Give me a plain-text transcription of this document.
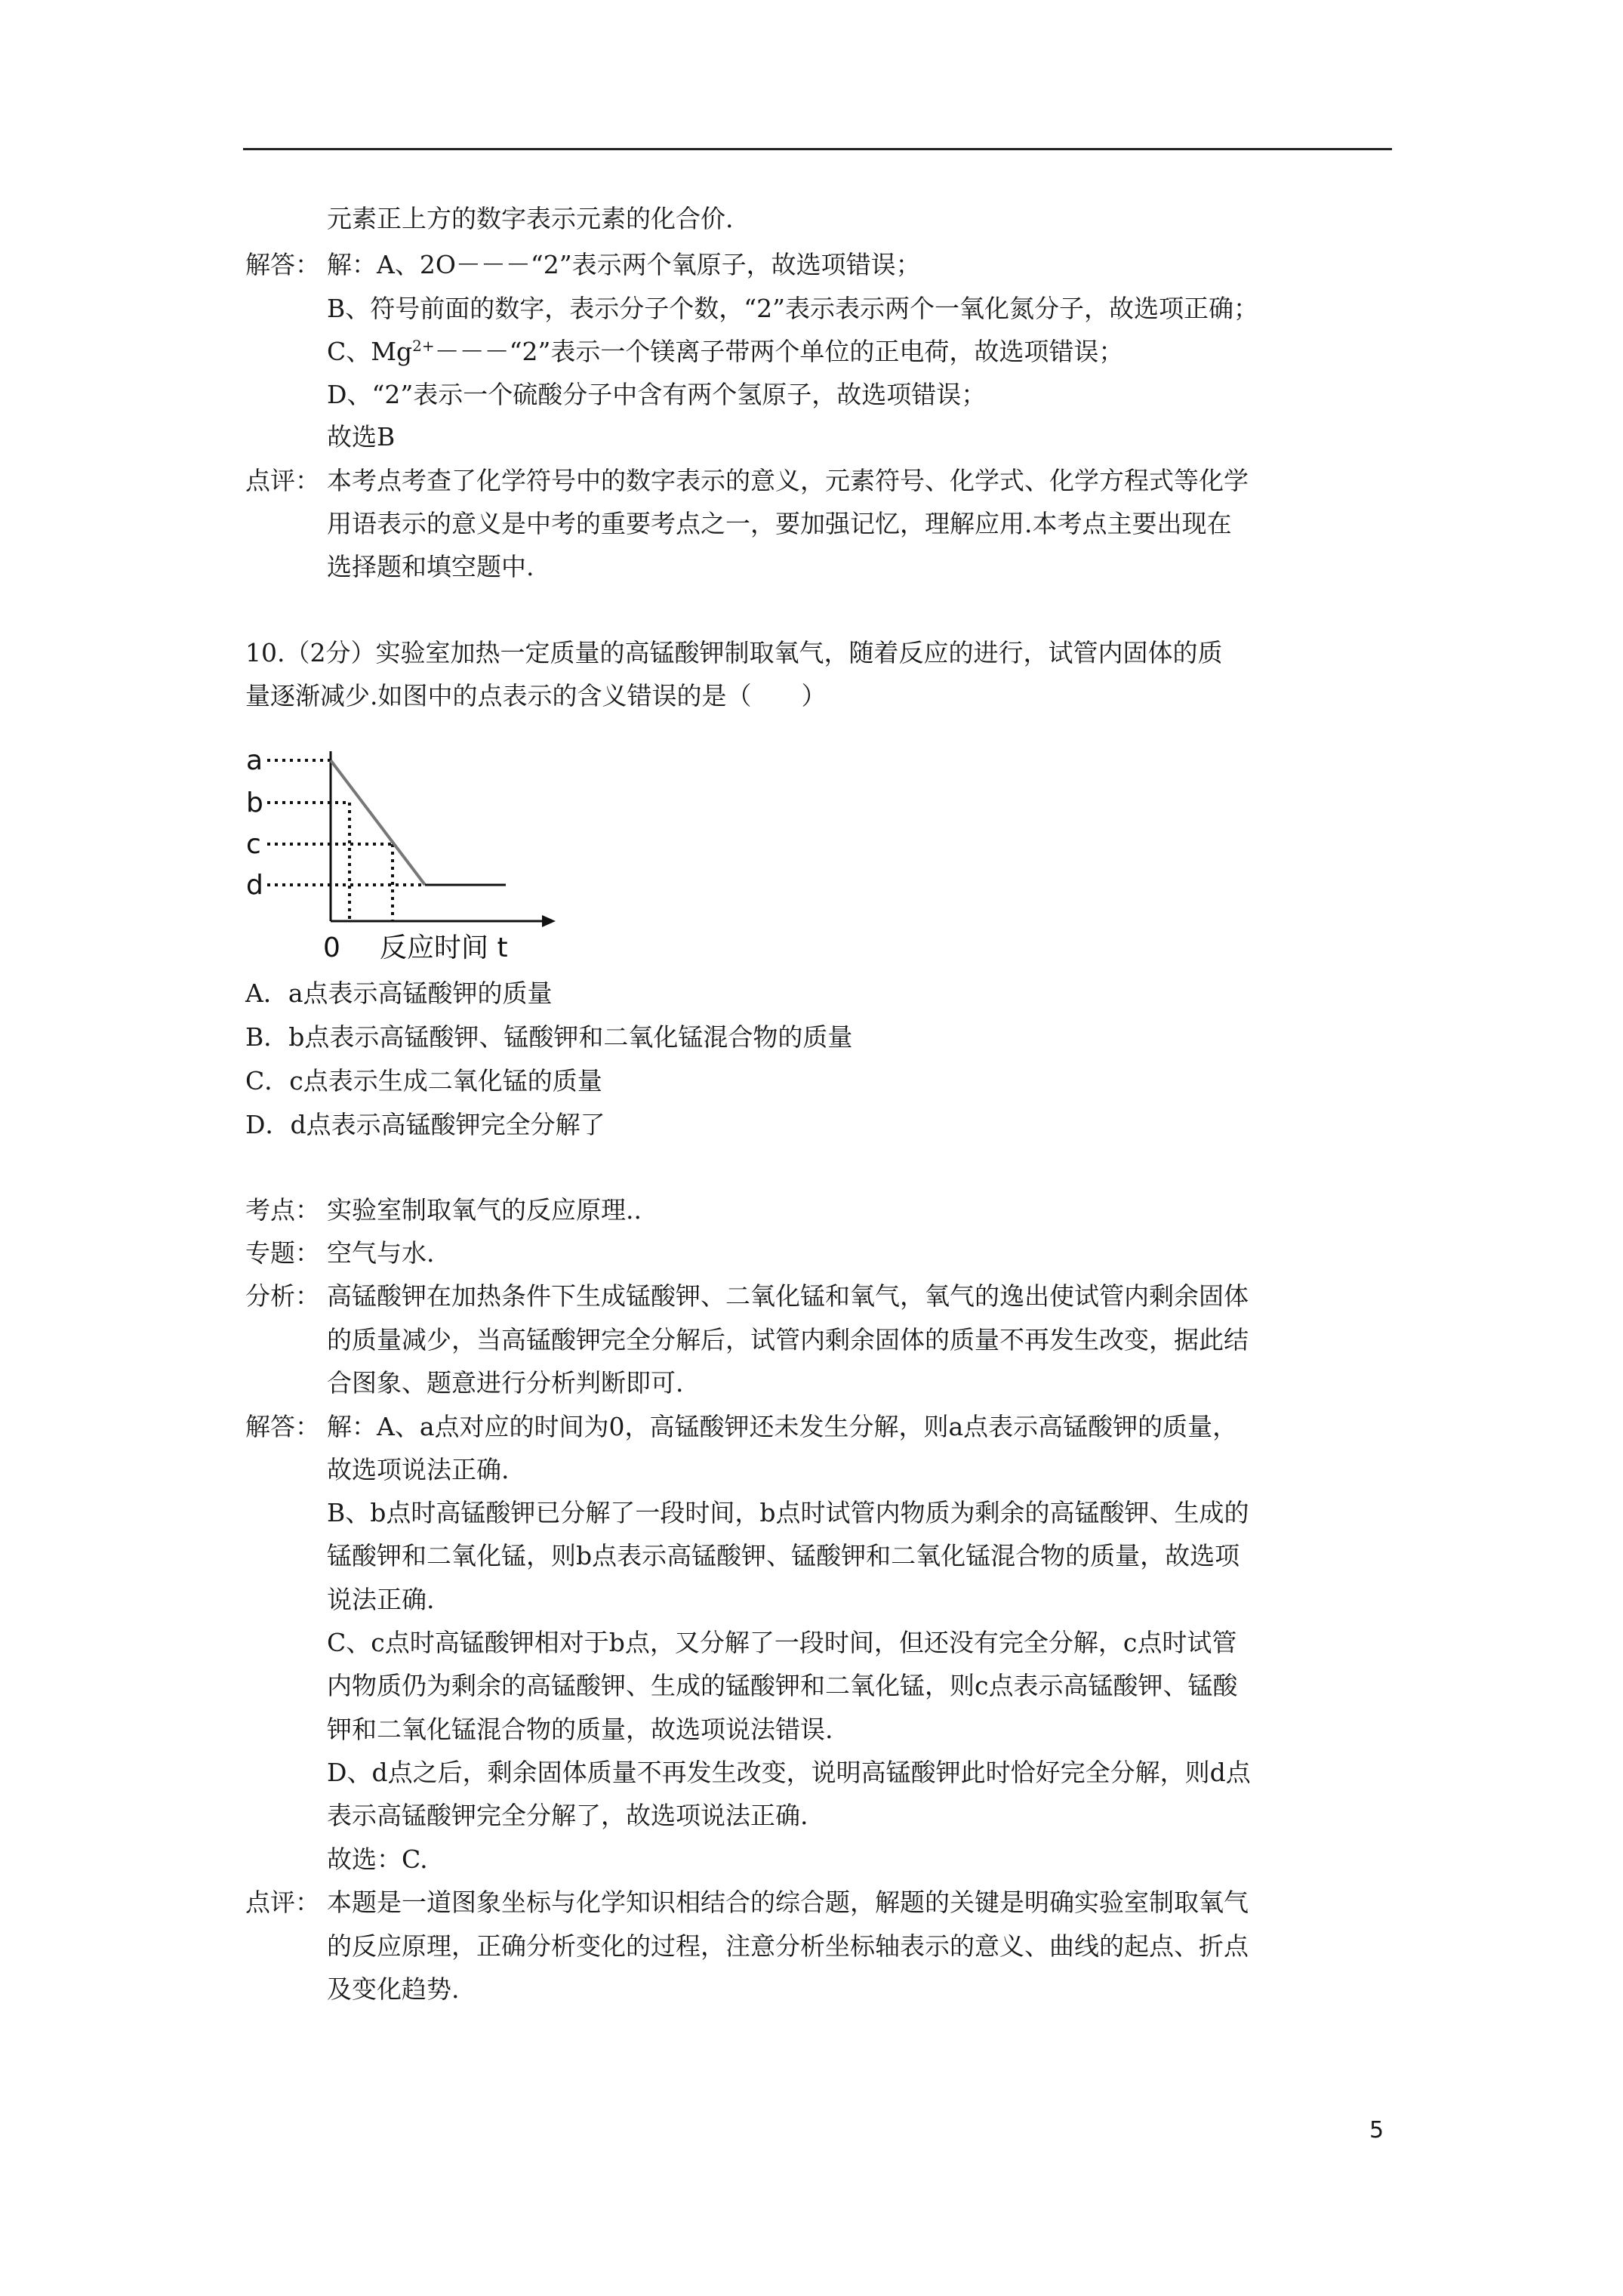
元素正上方的数字表示元素的化合价.
解答： 解：A、2O－－－“2”表示两个氧原子，故选项错误；
B、符号前面的数字，表示分子个数，“2”表示表示两个一氧化氮分子，故选项正确；
C、$Mg^{2+}---“2$”表示一个镁离子带两个单位的正电荷，故选项错误；
D、“2”表示一个硫酸分子中含有两个氢原子，故选项错误；
故选B
点评： 本考点考查了化学符号中的数字表示的意义，元素符号、化学式、化学方程式等化学
用语表示的意义是中考的重要考点之一，要加强记忆，理解应用.本考点主要出现在
选择题和填空题中.
10.（2分）实验室加热一定质量的高锰酸钾制取氧气，随着反应的进行，试管内固体的质
量逐渐减少.如图中的点表示的含义错误的是（　　）
a
b
c
d
0 反应时间 t
A．a点表示高锰酸钾的质量
B．b点表示高锰酸钾、锰酸钾和二氧化锰混合物的质量
C．c点表示生成二氧化锰的质量
D．d点表示高锰酸钾完全分解了
考点： 实验室制取氧气的反应原理..
专题： 空气与水.
分析： 高锰酸钾在加热条件下生成锰酸钾、二氧化锰和氧气，氧气的逸出使试管内剩余固体
的质量减少，当高锰酸钾完全分解后，试管内剩余固体的质量不再发生改变，据此结
合图象、题意进行分析判断即可.
解答： 解：A、a点对应的时间为0，高锰酸钾还未发生分解，则a点表示高锰酸钾的质量，
故选项说法正确.
B、b点时高锰酸钾已分解了一段时间，b点时试管内物质为剩余的高锰酸钾、生成的
锰酸钾和二氧化锰，则b点表示高锰酸钾、锰酸钾和二氧化锰混合物的质量，故选项
说法正确.
C、c点时高锰酸钾相对于b点，又分解了一段时间，但还没有完全分解，c点时试管
内物质仍为剩余的高锰酸钾、生成的锰酸钾和二氧化锰，则c点表示高锰酸钾、锰酸
钾和二氧化锰混合物的质量，故选项说法错误.
D、d点之后，剩余固体质量不再发生改变，说明高锰酸钾此时恰好完全分解，则d点
表示高锰酸钾完全分解了，故选项说法正确.
故选：C.
点评： 本题是一道图象坐标与化学知识相结合的综合题，解题的关键是明确实验室制取氧气
的反应原理，正确分析变化的过程，注意分析坐标轴表示的意义、曲线的起点、折点
及变化趋势.
5
